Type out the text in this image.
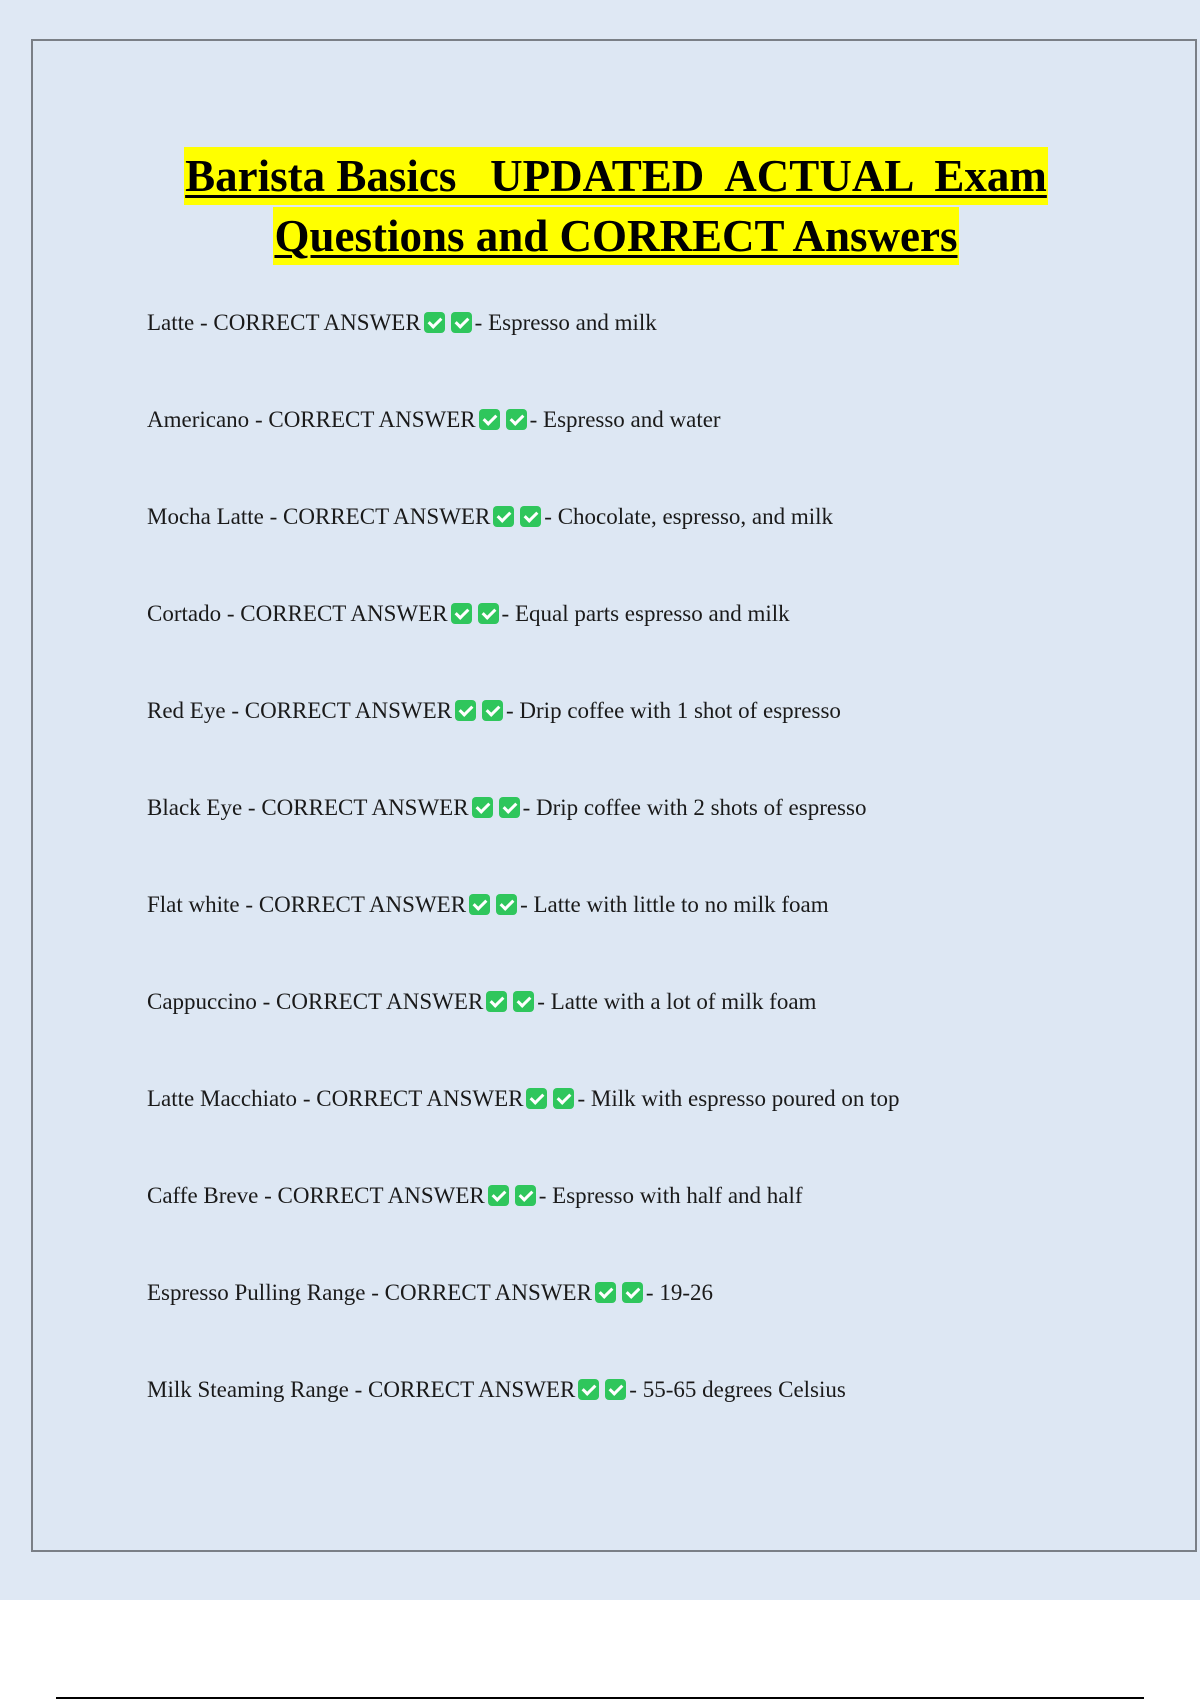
Barista Basics   UPDATED  ACTUAL  Exam
Questions and CORRECT Answers
Latte - CORRECT ANSWER - Espresso and milk
Americano - CORRECT ANSWER - Espresso and water
Mocha Latte - CORRECT ANSWER - Chocolate, espresso, and milk
Cortado - CORRECT ANSWER - Equal parts espresso and milk
Red Eye - CORRECT ANSWER - Drip coffee with 1 shot of espresso
Black Eye - CORRECT ANSWER - Drip coffee with 2 shots of espresso
Flat white - CORRECT ANSWER - Latte with little to no milk foam
Cappuccino - CORRECT ANSWER - Latte with a lot of milk foam
Latte Macchiato - CORRECT ANSWER - Milk with espresso poured on top
Caffe Breve - CORRECT ANSWER - Espresso with half and half
Espresso Pulling Range - CORRECT ANSWER - 19-26
Milk Steaming Range - CORRECT ANSWER - 55-65 degrees Celsius
